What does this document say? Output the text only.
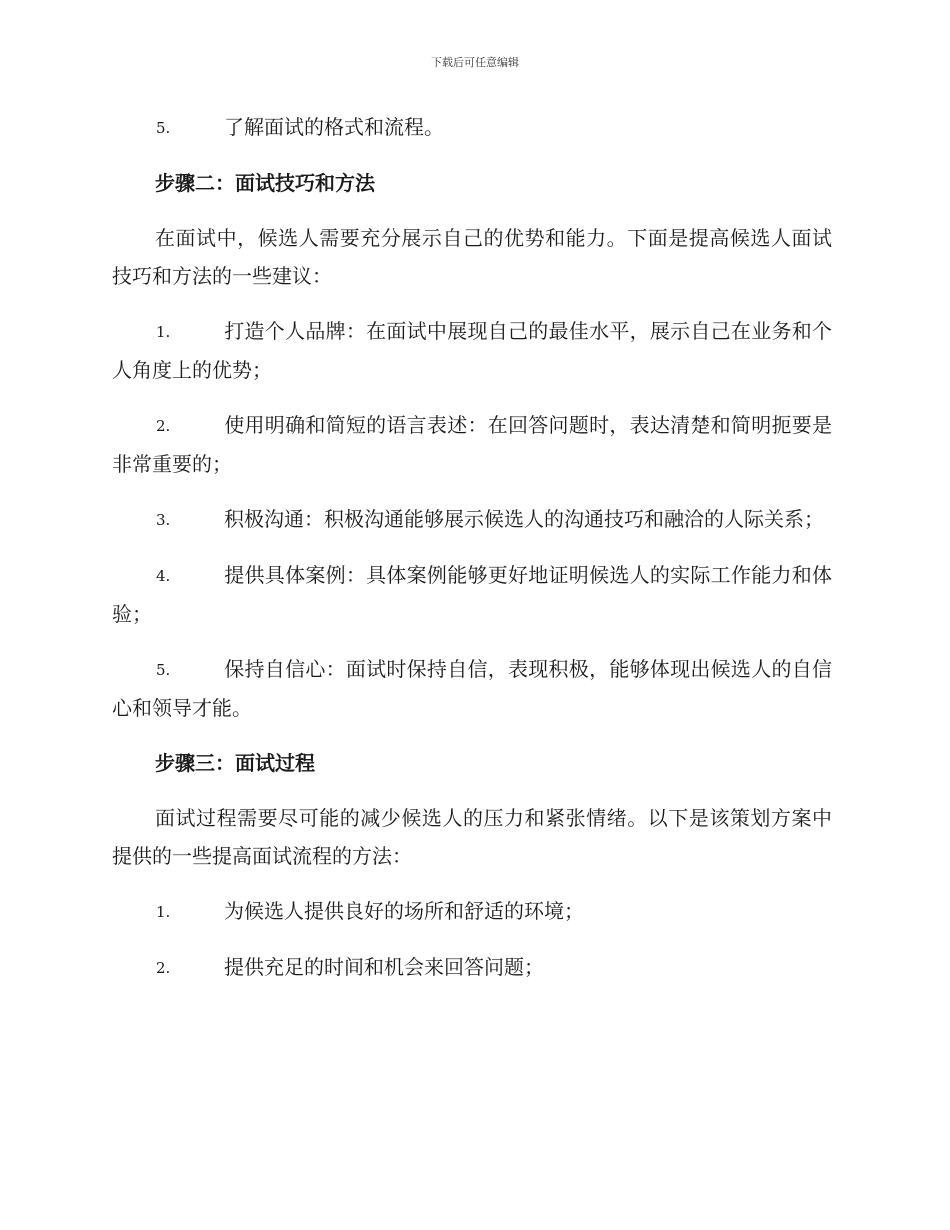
下载后可任意编辑
5.	了解面试的格式和流程。
步骤二：面试技巧和方法

在面试中，候选人需要充分展示自己的优势和能力。下面是提高候选人面试技巧和方法的一些建议：

1.	打造个人品牌：在面试中展现自己的最佳水平，展示自己在业务和个人角度上的优势；
2.	使用明确和简短的语言表述：在回答问题时，表达清楚和简明扼要是非常重要的；
3.	积极沟通：积极沟通能够展示候选人的沟通技巧和融洽的人际关系；
4.	提供具体案例：具体案例能够更好地证明候选人的实际工作能力和体验；
5.	保持自信心：面试时保持自信，表现积极，能够体现出候选人的自信心和领导才能。
步骤三：面试过程

面试过程需要尽可能的减少候选人的压力和紧张情绪。以下是该策划方案中提供的一些提高面试流程的方法：

1.	为候选人提供良好的场所和舒适的环境；
2.	提供充足的时间和机会来回答问题；
